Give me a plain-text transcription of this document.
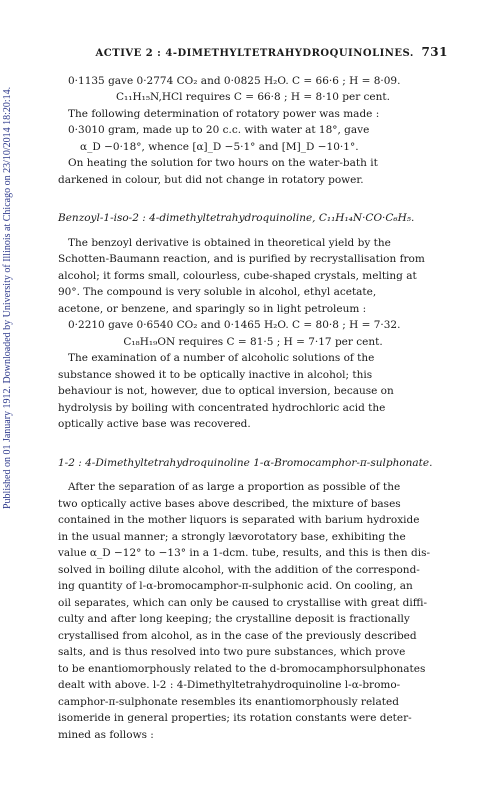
Published on 01 January 1912. Downloaded by University of Illinois at Chicago on 23/10/2014 18:20:14.
ACTIVE 2 : 4-DIMETHYLTETRAHYDROQUINOLINES. 731
0·1135 gave 0·2774 CO₂ and 0·0825 H₂O. C = 66·6 ; H = 8·09.
C₁₁H₁₅N,HCl requires C = 66·8 ; H = 8·10 per cent.
The following determination of rotatory power was made :
0·3010 gram, made up to 20 c.c. with water at 18°, gave
α_D −0·18°, whence [α]_D −5·1° and [M]_D −10·1°.
On heating the solution for two hours on the water-bath it
darkened in colour, but did not change in rotatory power.
Benzoyl-1-iso-2 : 4-dimethyltetrahydroquinoline, C₁₁H₁₄N·CO·C₆H₅.
The benzoyl derivative is obtained in theoretical yield by the
Schotten-Baumann reaction, and is purified by recrystallisation from
alcohol; it forms small, colourless, cube-shaped crystals, melting at
90°. The compound is very soluble in alcohol, ethyl acetate,
acetone, or benzene, and sparingly so in light petroleum :
0·2210 gave 0·6540 CO₂ and 0·1465 H₂O. C = 80·8 ; H = 7·32.
C₁₈H₁₉ON requires C = 81·5 ; H = 7·17 per cent.
The examination of a number of alcoholic solutions of the
substance showed it to be optically inactive in alcohol; this
behaviour is not, however, due to optical inversion, because on
hydrolysis by boiling with concentrated hydrochloric acid the
optically active base was recovered.
1-2 : 4-Dimethyltetrahydroquinoline 1-α-Bromocamphor-π-sulphonate.
After the separation of as large a proportion as possible of the
two optically active bases above described, the mixture of bases
contained in the mother liquors is separated with barium hydroxide
in the usual manner; a strongly lævorotatory base, exhibiting the
value α_D −12° to −13° in a 1-dcm. tube, results, and this is then dis-
solved in boiling dilute alcohol, with the addition of the correspond-
ing quantity of l-α-bromocamphor-π-sulphonic acid. On cooling, an
oil separates, which can only be caused to crystallise with great diffi-
culty and after long keeping; the crystalline deposit is fractionally
crystallised from alcohol, as in the case of the previously described
salts, and is thus resolved into two pure substances, which prove
to be enantiomorphously related to the d-bromocamphorsulphonates
dealt with above. l-2 : 4-Dimethyltetrahydroquinoline l-α-bromo-
camphor-π-sulphonate resembles its enantiomorphously related
isomeride in general properties; its rotation constants were deter-
mined as follows :
